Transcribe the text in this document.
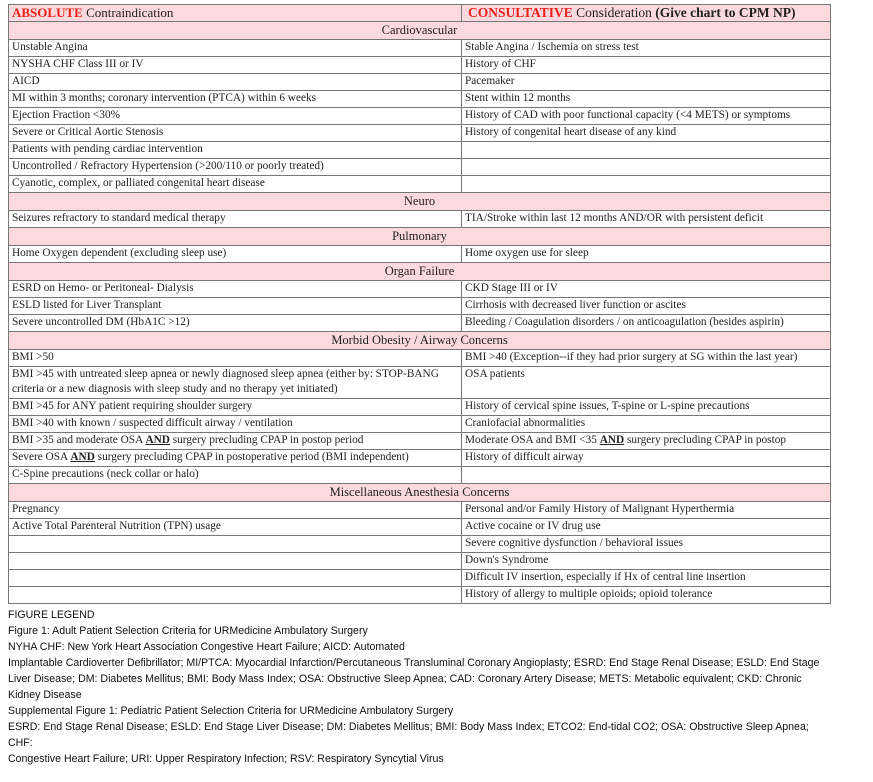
ABSOLUTE Contraindication	CONSULTATIVE Consideration (Give chart to CPM NP)
Cardiovascular	
Unstable Angina	Stable Angina / Ischemia on stress test
NYSHA CHF Class III or IV	History of CHF
AICD	Pacemaker
MI within 3 months; coronary intervention (PTCA) within 6 weeks	Stent within 12 months
Ejection Fraction <30%	History of CAD with poor functional capacity (<4 METS) or symptoms
Severe or Critical Aortic Stenosis	History of congenital heart disease of any kind
Patients with pending cardiac intervention	
Uncontrolled / Refractory Hypertension (>200/110 or poorly treated)	
Cyanotic, complex, or palliated congenital heart disease	
Neuro	
Seizures refractory to standard medical therapy	TIA/Stroke within last 12 months AND/OR with persistent deficit
Pulmonary	
Home Oxygen dependent (excluding sleep use)	Home oxygen use for sleep
Organ Failure	
ESRD on Hemo- or Peritoneal- Dialysis	CKD Stage III or IV
ESLD listed for Liver Transplant	Cirrhosis with decreased liver function or ascites
Severe uncontrolled DM (HbA1C >12)	Bleeding / Coagulation disorders / on anticoagulation (besides aspirin)
Morbid Obesity / Airway Concerns	
BMI >50	BMI >40 (Exception--if they had prior surgery at SG within the last year)
BMI >45 with untreated sleep apnea or newly diagnosed sleep apnea (either by: STOP-BANG criteria or a new diagnosis with sleep study and no therapy yet initiated)	OSA patients
BMI >45 for ANY patient requiring shoulder surgery	History of cervical spine issues, T-spine or L-spine precautions
BMI >40 with known / suspected difficult airway / ventilation	Craniofacial abnormalities
BMI >35 and moderate OSA AND surgery precluding CPAP in postop period	Moderate OSA and BMI <35 AND surgery precluding CPAP in postop
Severe OSA AND surgery precluding CPAP in postoperative period (BMI independent)	History of difficult airway
C-Spine precautions (neck collar or halo)	
Miscellaneous Anesthesia Concerns	
Pregnancy	Personal and/or Family History of Malignant Hyperthermia
Active Total Parenteral Nutrition (TPN) usage	Active cocaine or IV drug use
	Severe cognitive dysfunction / behavioral issues
	Down's Syndrome
	Difficult IV insertion, especially if Hx of central line insertion
	History of allergy to multiple opioids; opioid tolerance
FIGURE LEGEND
Figure 1: Adult Patient Selection Criteria for URMedicine Ambulatory Surgery
NYHA CHF: New York Heart Association Congestive Heart Failure; AICD: Automated
Implantable Cardioverter Defibrillator; MI/PTCA: Myocardial Infarction/Percutaneous Transluminal Coronary Angioplasty; ESRD: End Stage Renal Disease; ESLD: End Stage Liver Disease; DM: Diabetes Mellitus; BMI: Body Mass Index; OSA: Obstructive Sleep Apnea; CAD: Coronary Artery Disease; METS: Metabolic equivalent; CKD: Chronic Kidney Disease
Supplemental Figure 1: Pediatric Patient Selection Criteria for URMedicine Ambulatory Surgery
ESRD: End Stage Renal Disease; ESLD: End Stage Liver Disease; DM: Diabetes Mellitus; BMI: Body Mass Index; ETCO2: End-tidal CO2; OSA: Obstructive Sleep Apnea; CHF:
Congestive Heart Failure; URI: Upper Respiratory Infection; RSV: Respiratory Syncytial Virus
